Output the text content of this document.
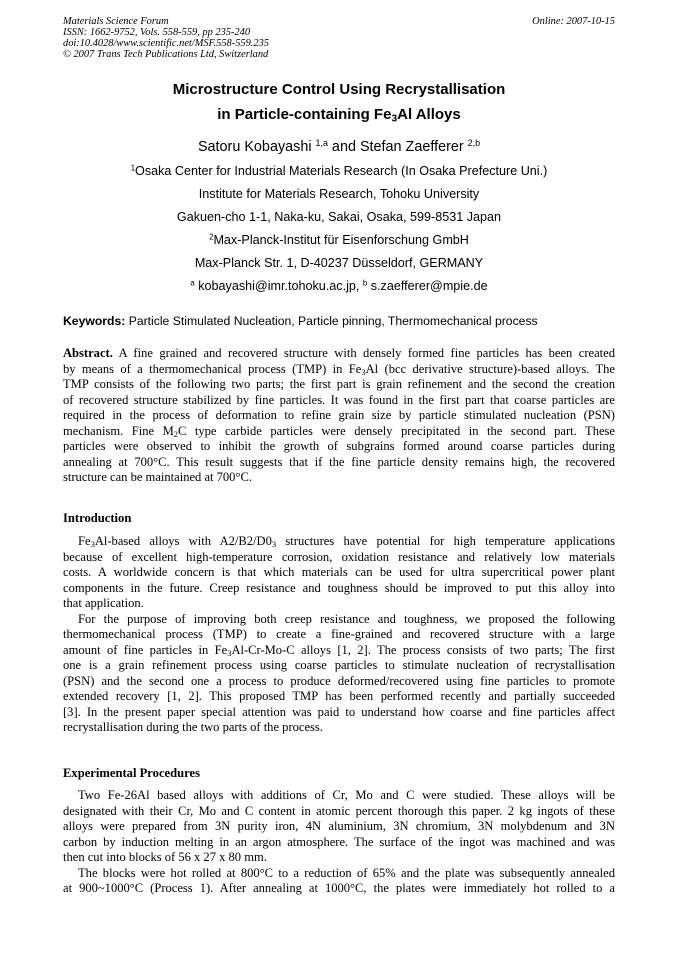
Materials Science Forum
ISSN: 1662-9752, Vols. 558-559, pp 235-240
doi:10.4028/www.scientific.net/MSF.558-559.235
© 2007 Trans Tech Publications Ltd, Switzerland
Online: 2007-10-15
Microstructure Control Using Recrystallisation
in Particle-containing $Fe_3Al$ Alloys
Satoru Kobayashi $^{1,a}$ and Stefan Zaefferer $^{2,b}$
$^1$Osaka Center for Industrial Materials Research (In Osaka Prefecture Uni.)
Institute for Materials Research, Tohoku University
Gakuen-cho 1-1, Naka-ku, Sakai, Osaka, 599-8531 Japan
$^2$Max-Planck-Institut für Eisenforschung GmbH
Max-Planck Str. 1, D-40237 Düsseldorf, GERMANY
$^a$ kobayashi@imr.tohoku.ac.jp, $^b$ s.zaefferer@mpie.de
Keywords: Particle Stimulated Nucleation, Particle pinning, Thermomechanical process
Abstract. A fine grained and recovered structure with densely formed fine particles has been created
by means of a thermomechanical process (TMP) in $Fe_3Al$ (bcc derivative structure)-based alloys. The
TMP consists of the following two parts; the first part is grain refinement and the second the creation
of recovered structure stabilized by fine particles. It was found in the first part that coarse particles are
required in the process of deformation to refine grain size by particle stimulated nucleation (PSN)
mechanism. Fine $M_2C$ type carbide particles were densely precipitated in the second part. These
particles were observed to inhibit the growth of subgrains formed around coarse particles during
annealing at 700°C. This result suggests that if the fine particle density remains high, the recovered
structure can be maintained at 700°C.
Introduction
$Fe_3Al$-based alloys with $A2/B2/D0_3$ structures have potential for high temperature applications
because of excellent high-temperature corrosion, oxidation resistance and relatively low materials
costs. A worldwide concern is that which materials can be used for ultra supercritical power plant
components in the future. Creep resistance and toughness should be improved to put this alloy into
that application.
For the purpose of improving both creep resistance and toughness, we proposed the following
thermomechanical process (TMP) to create a fine-grained and recovered structure with a large
amount of fine particles in $Fe_3Al-Cr-Mo-C$ alloys [1, 2]. The process consists of two parts; The first
one is a grain refinement process using coarse particles to stimulate nucleation of recrystallisation
(PSN) and the second one a process to produce deformed/recovered using fine particles to promote
extended recovery [1, 2]. This proposed TMP has been performed recently and partially succeeded
[3]. In the present paper special attention was paid to understand how coarse and fine particles affect
recrystallisation during the two parts of the process.
Experimental Procedures
Two Fe-26Al based alloys with additions of Cr, Mo and C were studied. These alloys will be
designated with their Cr, Mo and C content in atomic percent thorough this paper. 2 kg ingots of these
alloys were prepared from 3N purity iron, 4N aluminium, 3N chromium, 3N molybdenum and 3N
carbon by induction melting in an argon atmosphere. The surface of the ingot was machined and was
then cut into blocks of 56 x 27 x 80 mm.
The blocks were hot rolled at 800°C to a reduction of 65% and the plate was subsequently annealed
at 900~1000°C (Process 1). After annealing at 1000°C, the plates were immediately hot rolled to a
